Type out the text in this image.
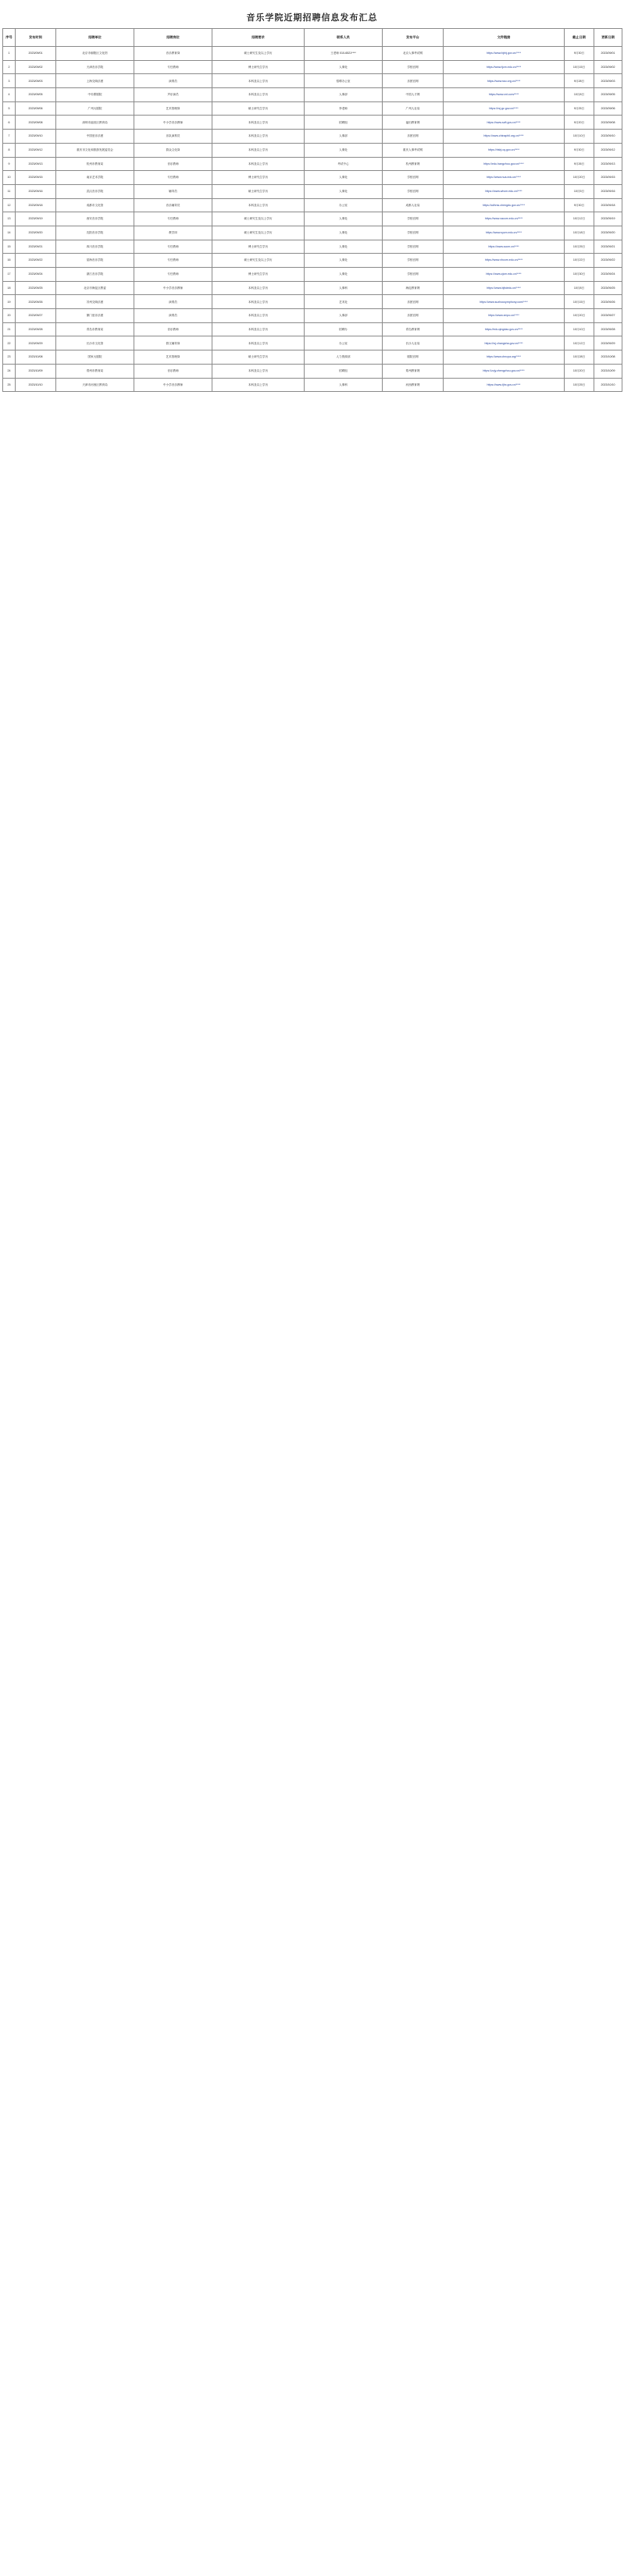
音乐学院近期招聘信息发布汇总
序号	发布时间	招聘单位	招聘岗位	招聘要求	联系人员	发布平台	文件链接	截止日期	更新日期
1	2023/09/01	北京市朝阳区文化馆	音乐教育岗	硕士研究生及以上学历	王老师 010-6521****	北京人事考试网	https://www.bjrbj.gov.cn/****	9月30日	2023/09/01
2	2023/09/02	天津音乐学院	专任教师	博士研究生学历	人事处	学校官网	https://www.tjcm.edu.cn/****	10月15日	2023/09/02
3	2023/09/03	上海交响乐团	演奏员	本科及以上学历	招聘办公室	乐团官网	https://www.sso.org.cn/****	9月28日	2023/09/03
4	2023/09/05	中央歌剧院	声乐演员	本科及以上学历	人事部	中国人才网	https://www.cnt.com/****	10月8日	2023/09/05
5	2023/09/06	广州大剧院	艺术管理岗	硕士研究生学历	李老师	广州人社局	https://rsj.gz.gov.cn/****	9月25日	2023/09/06
6	2023/09/08	深圳市福田区教育局	中小学音乐教师	本科及以上学历	招聘组	福田教育网	https://www.szft.gov.cn/****	9月20日	2023/09/08
7	2023/09/10	中国爱乐乐团	乐队演奏员	本科及以上学历	人事部	乐团官网	https://www.chinaphil.org.cn/****	10月10日	2023/09/10
8	2023/09/12	重庆市文化和旅游发展委员会	群众文化岗	本科及以上学历	人事处	重庆人事考试网	https://rlsbj.cq.gov.cn/****	9月30日	2023/09/12
9	2023/09/13	杭州市教育局	音乐教师	本科及以上学历	考试中心	杭州教育网	https://edu.hangzhou.gov.cn/****	9月26日	2023/09/13
10	2023/09/15	南京艺术学院	专任教师	博士研究生学历	人事处	学校官网	https://www.nua.edu.cn/****	10月20日	2023/09/15
11	2023/09/16	武汉音乐学院	辅导员	硕士研究生学历	人事处	学校官网	https://www.whcm.edu.cn/****	10月5日	2023/09/16
12	2023/09/18	成都市文化馆	音乐辅导员	本科及以上学历	办公室	成都人社局	https://cdhrss.chengdu.gov.cn/****	9月30日	2023/09/18
13	2023/09/19	西安音乐学院	专任教师	硕士研究生及以上学历	人事处	学校官网	https://www.xacom.edu.cn/****	10月12日	2023/09/19
14	2023/09/20	沈阳音乐学院	教学岗	硕士研究生及以上学历	人事处	学校官网	https://www.sycm.edu.cn/****	10月18日	2023/09/20
15	2023/09/21	四川音乐学院	专任教师	博士研究生学历	人事处	学校官网	https://www.sccm.cn/****	10月25日	2023/09/21
16	2023/09/22	星海音乐学院	专任教师	硕士研究生及以上学历	人事处	学校官网	https://www.xhcom.edu.cn/****	10月22日	2023/09/22
17	2023/09/24	浙江音乐学院	专任教师	博士研究生学历	人事处	学校官网	https://www.zjcm.edu.cn/****	10月30日	2023/09/24
18	2023/09/25	北京市海淀区教委	中小学音乐教师	本科及以上学历	人事科	海淀教育网	https://www.bjhdedu.cn/****	10月8日	2023/09/25
19	2023/09/26	苏州交响乐团	演奏员	本科及以上学历	艺术处	乐团官网	https://www.suzhousymphony.com/****	10月15日	2023/09/26
20	2023/09/27	厦门爱乐乐团	演奏员	本科及以上学历	人事部	乐团官网	https://www.xmpo.cn/****	10月20日	2023/09/27
21	2023/09/28	青岛市教育局	音乐教师	本科及以上学历	招聘办	青岛教育网	https://edu.qingdao.gov.cn/****	10月10日	2023/09/28
22	2023/09/29	长沙市文化馆	群文辅导岗	本科及以上学历	办公室	长沙人社局	https://rsj.changsha.gov.cn/****	10月12日	2023/09/29
23	2023/10/08	国家大剧院	艺术管理岗	硕士研究生学历	人力资源部	剧院官网	https://www.chncpa.org/****	10月28日	2023/10/08
24	2023/10/09	郑州市教育局	音乐教师	本科及以上学历	招聘组	郑州教育网	https://zzjy.zhengzhou.gov.cn/****	10月20日	2023/10/09
25	2023/10/10	天津市河西区教育局	中小学音乐教师	本科及以上学历	人事科	河西教育网	https://www.tjhx.gov.cn/****	10月25日	2023/10/10
